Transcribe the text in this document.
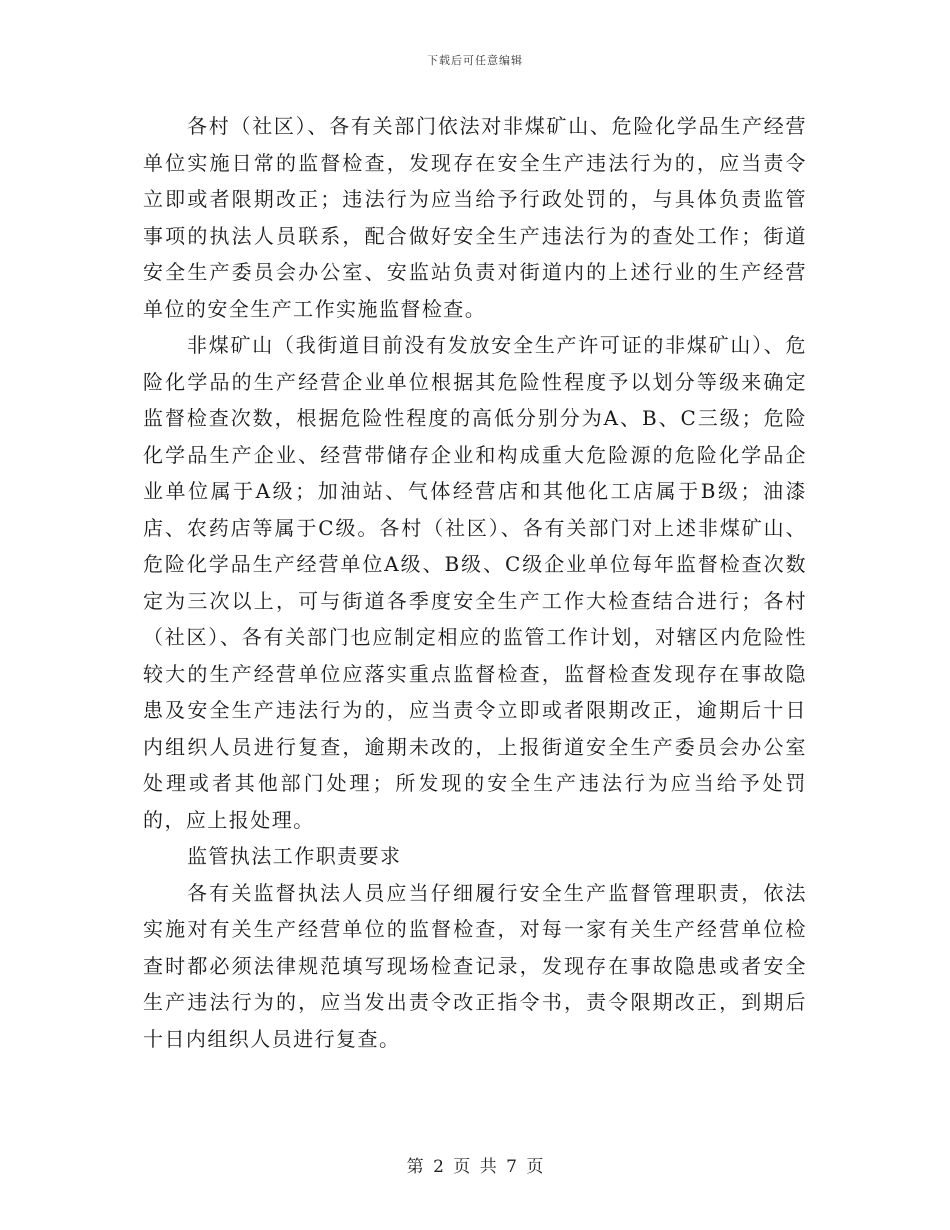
下载后可任意编辑

各村（社区）、各有关部门依法对非煤矿山、危险化学品生产经营单位实施日常的监督检查，发现存在安全生产违法行为的，应当责令立即或者限期改正；违法行为应当给予行政处罚的，与具体负责监管事项的执法人员联系，配合做好安全生产违法行为的查处工作；街道安全生产委员会办公室、安监站负责对街道内的上述行业的生产经营单位的安全生产工作实施监督检查。

非煤矿山（我街道目前没有发放安全生产许可证的非煤矿山）、危险化学品的生产经营企业单位根据其危险性程度予以划分等级来确定监督检查次数，根据危险性程度的高低分别分为A、B、C三级；危险化学品生产企业、经营带储存企业和构成重大危险源的危险化学品企业单位属于A级；加油站、气体经营店和其他化工店属于B级；油漆店、农药店等属于C级。各村（社区）、各有关部门对上述非煤矿山、危险化学品生产经营单位A级、B级、C级企业单位每年监督检查次数定为三次以上，可与街道各季度安全生产工作大检查结合进行；各村（社区）、各有关部门也应制定相应的监管工作计划，对辖区内危险性较大的生产经营单位应落实重点监督检查，监督检查发现存在事故隐患及安全生产违法行为的，应当责令立即或者限期改正，逾期后十日内组织人员进行复查，逾期未改的，上报街道安全生产委员会办公室处理或者其他部门处理；所发现的安全生产违法行为应当给予处罚的，应上报处理。

监管执法工作职责要求

各有关监督执法人员应当仔细履行安全生产监督管理职责，依法实施对有关生产经营单位的监督检查，对每一家有关生产经营单位检查时都必须法律规范填写现场检查记录，发现存在事故隐患或者安全生产违法行为的，应当发出责令改正指令书，责令限期改正，到期后十日内组织人员进行复查。

第 2 页 共 7 页
